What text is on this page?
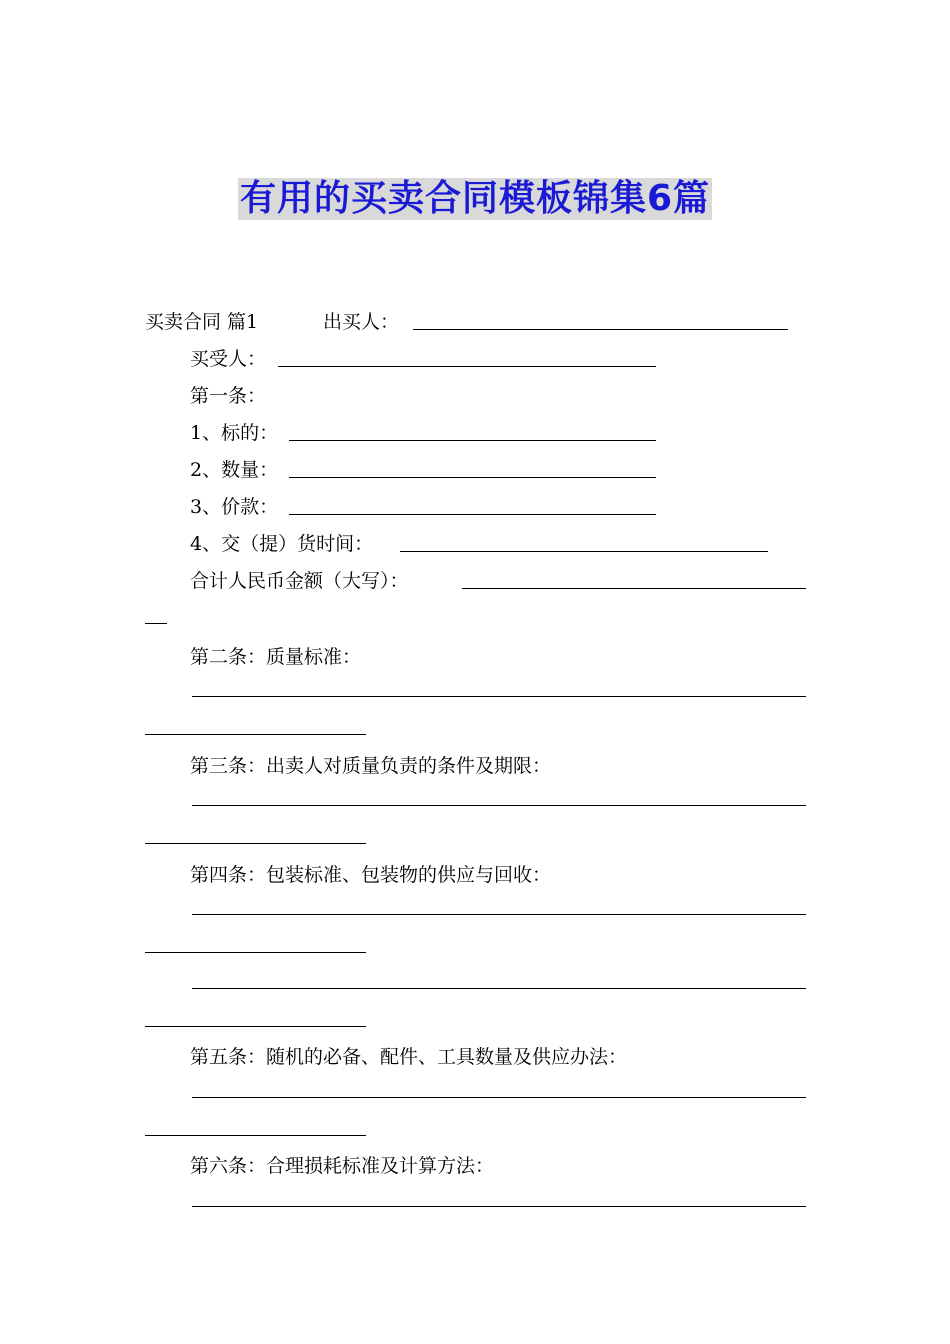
有用的买卖合同模板锦集6篇
买卖合同 篇1	出买人：
买受人：
第一条：
1、标的：
2、数量：
3、价款：
4、交（提）货时间：
合计人民币金额（大写）：
第二条：质量标准：
第三条：出卖人对质量负责的条件及期限：
第四条：包装标准、包装物的供应与回收：
第五条：随机的必备、配件、工具数量及供应办法：
第六条：合理损耗标准及计算方法：
